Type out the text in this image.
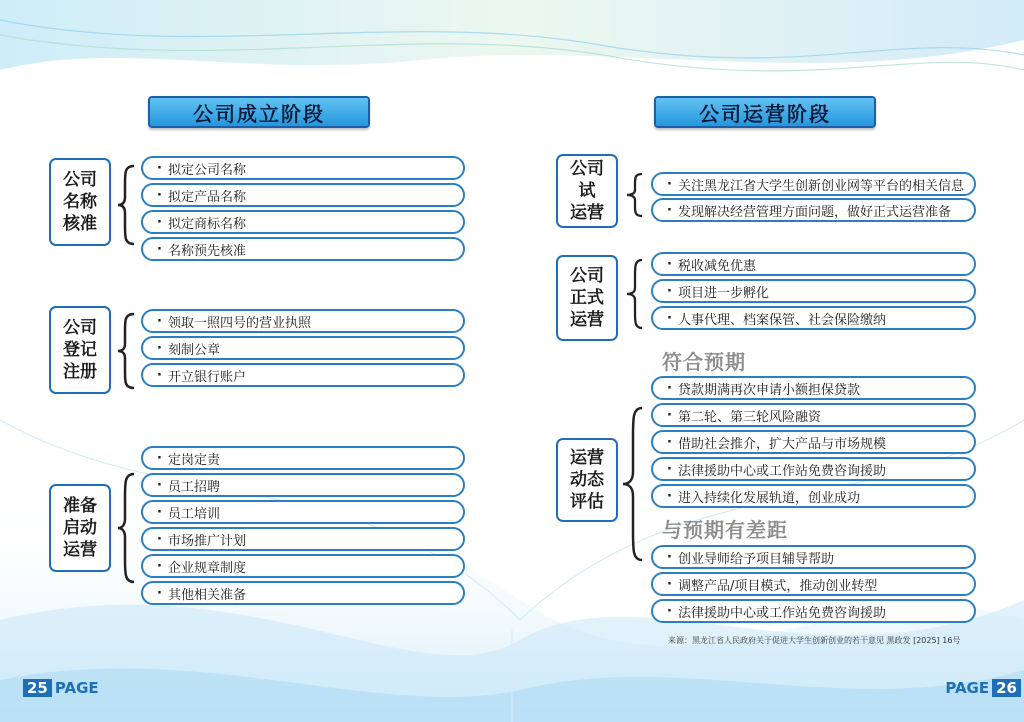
公司成立阶段
公司
名称
核准
· 拟定公司名称
· 拟定产品名称
· 拟定商标名称
· 名称预先核准
公司
登记
注册
· 领取一照四号的营业执照
· 刻制公章
· 开立银行账户
准备
启动
运营
· 定岗定责
· 员工招聘
· 员工培训
· 市场推广计划
· 企业规章制度
· 其他相关准备
公司运营阶段
公司
试
运营
· 关注黑龙江省大学生创新创业网等平台的相关信息
· 发现解决经营管理方面问题，做好正式运营准备
公司
正式
运营
· 税收减免优惠
· 项目进一步孵化
· 人事代理、档案保管、社会保险缴纳
符合预期
运营
动态
评估
· 贷款期满再次申请小额担保贷款
· 第二轮、第三轮风险融资
· 借助社会推介，扩大产品与市场规模
· 法律援助中心或工作站免费咨询援助
· 进入持续化发展轨道，创业成功
与预期有差距
· 创业导师给予项目辅导帮助
· 调整产品/项目模式，推动创业转型
· 法律援助中心或工作站免费咨询援助
来源：黑龙江省人民政府关于促进大学生创新创业的若干意见 黑政发 [2025] 16号
25 PAGE	PAGE 26
